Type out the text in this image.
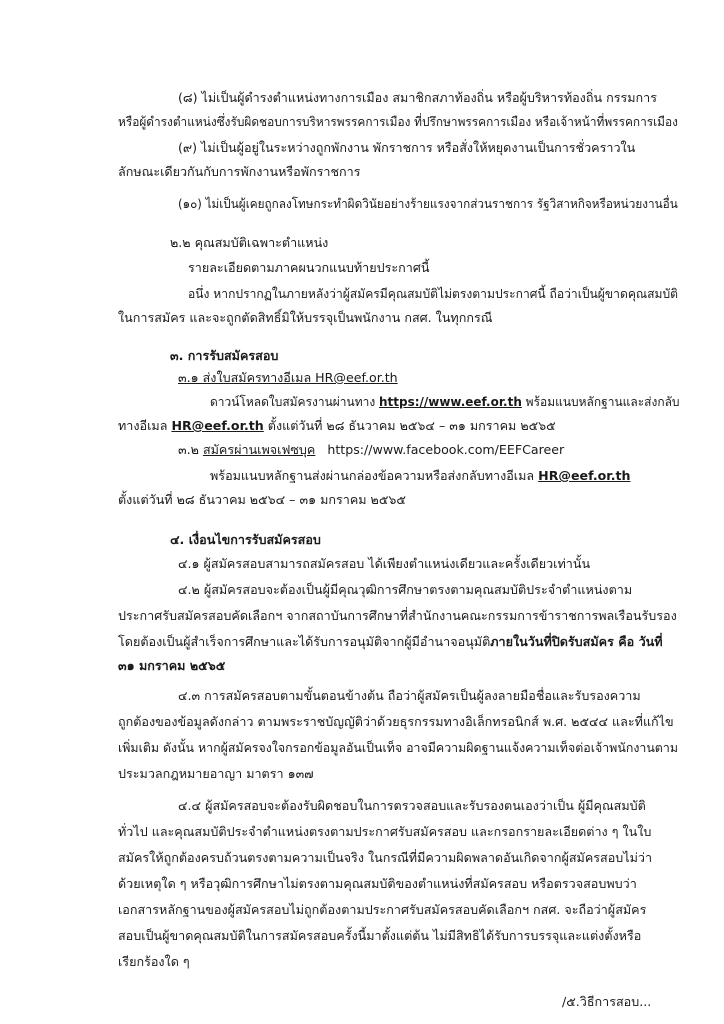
(๘) ไม่เป็นผู้ดำรงตำแหน่งทางการเมือง สมาชิกสภาท้องถิ่น หรือผู้บริหารท้องถิ่น กรรมการ
หรือผู้ดำรงตำแหน่งซึ่งรับผิดชอบการบริหารพรรคการเมือง ที่ปรึกษาพรรคการเมือง หรือเจ้าหน้าที่พรรคการเมือง
(๙) ไม่เป็นผู้อยู่ในระหว่างถูกพักงาน พักราชการ หรือสั่งให้หยุดงานเป็นการชั่วคราวใน
ลักษณะเดียวกันกับการพักงานหรือพักราชการ
(๑๐) ไม่เป็นผู้เคยถูกลงโทษกระทำผิดวินัยอย่างร้ายแรงจากส่วนราชการ รัฐวิสาหกิจหรือหน่วยงานอื่น
๒.๒ คุณสมบัติเฉพาะตำแหน่ง
รายละเอียดตามภาคผนวกแนบท้ายประกาศนี้
อนึ่ง หากปรากฏในภายหลังว่าผู้สมัครมีคุณสมบัติไม่ตรงตามประกาศนี้ ถือว่าเป็นผู้ขาดคุณสมบัติ
ในการสมัคร และจะถูกตัดสิทธิ์มิให้บรรจุเป็นพนักงาน กสศ. ในทุกกรณี
๓. การรับสมัครสอบ
๓.๑ ส่งใบสมัครทางอีเมล HR@eef.or.th
ดาวน์โหลดใบสมัครงานผ่านทาง https://www.eef.or.th พร้อมแนบหลักฐานและส่งกลับ
ทางอีเมล HR@eef.or.th ตั้งแต่วันที่ ๒๘ ธันวาคม ๒๕๖๔ – ๓๑ มกราคม ๒๕๖๕
๓.๒ สมัครผ่านเพจเฟซบุค https://www.facebook.com/EEFCareer
พร้อมแนบหลักฐานส่งผ่านกล่องข้อความหรือส่งกลับทางอีเมล HR@eef.or.th
ตั้งแต่วันที่ ๒๘ ธันวาคม ๒๕๖๔ – ๓๑ มกราคม ๒๕๖๕
๔. เงื่อนไขการรับสมัครสอบ
๔.๑ ผู้สมัครสอบสามารถสมัครสอบ ได้เพียงตำแหน่งเดียวและครั้งเดียวเท่านั้น
๔.๒ ผู้สมัครสอบจะต้องเป็นผู้มีคุณวุฒิการศึกษาตรงตามคุณสมบัติประจำตำแหน่งตาม
ประกาศรับสมัครสอบคัดเลือกฯ จากสถาบันการศึกษาที่สำนักงานคณะกรรมการข้าราชการพลเรือนรับรอง
โดยต้องเป็นผู้สำเร็จการศึกษาและได้รับการอนุมัติจากผู้มีอำนาจอนุมัติภายในวันที่ปิดรับสมัคร คือ วันที่
๓๑ มกราคม ๒๕๖๕
๔.๓ การสมัครสอบตามขั้นตอนข้างต้น ถือว่าผู้สมัครเป็นผู้ลงลายมือชื่อและรับรองความ
ถูกต้องของข้อมูลดังกล่าว ตามพระราชบัญญัติว่าด้วยธุรกรรมทางอิเล็กทรอนิกส์ พ.ศ. ๒๕๔๔ และที่แก้ไข
เพิ่มเติม ดังนั้น หากผู้สมัครจงใจกรอกข้อมูลอันเป็นเท็จ อาจมีความผิดฐานแจ้งความเท็จต่อเจ้าพนักงานตาม
ประมวลกฎหมายอาญา มาตรา ๑๓๗
๔.๔ ผู้สมัครสอบจะต้องรับผิดชอบในการตรวจสอบและรับรองตนเองว่าเป็น ผู้มีคุณสมบัติ
ทั่วไป และคุณสมบัติประจำตำแหน่งตรงตามประกาศรับสมัครสอบ และกรอกรายละเอียดต่าง ๆ ในใบ
สมัครให้ถูกต้องครบถ้วนตรงตามความเป็นจริง ในกรณีที่มีความผิดพลาดอันเกิดจากผู้สมัครสอบไม่ว่า
ด้วยเหตุใด ๆ หรือวุฒิการศึกษาไม่ตรงตามคุณสมบัติของตำแหน่งที่สมัครสอบ หรือตรวจสอบพบว่า
เอกสารหลักฐานของผู้สมัครสอบไม่ถูกต้องตามประกาศรับสมัครสอบคัดเลือกฯ กสศ. จะถือว่าผู้สมัคร
สอบเป็นผู้ขาดคุณสมบัติในการสมัครสอบครั้งนี้มาตั้งแต่ต้น ไม่มีสิทธิได้รับการบรรจุและแต่งตั้งหรือ
เรียกร้องใด ๆ
/๕.วิธีการสอบ...
